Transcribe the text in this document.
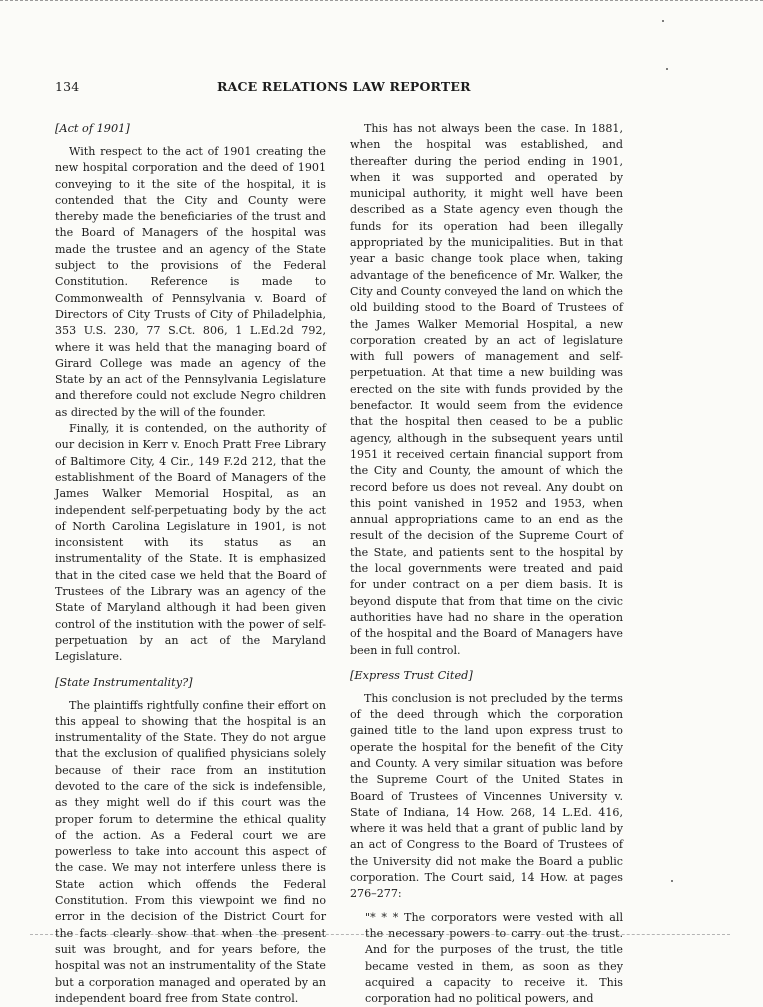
134	RACE RELATIONS LAW REPORTER
[Act of 1901]

With respect to the act of 1901 creating the new hospital corporation and the deed of 1901 conveying to it the site of the hospital, it is contended that the City and County were thereby made the beneficiaries of the trust and the Board of Managers of the hospital was made the trustee and an agency of the State subject to the provisions of the Federal Constitution. Reference is made to Commonwealth of Pennsylvania v. Board of Directors of City Trusts of City of Philadelphia, 353 U.S. 230, 77 S.Ct. 806, 1 L.Ed.2d 792, where it was held that the managing board of Girard College was made an agency of the State by an act of the Pennsylvania Legislature and therefore could not exclude Negro children as directed by the will of the founder.

Finally, it is contended, on the authority of our decision in Kerr v. Enoch Pratt Free Library of Baltimore City, 4 Cir., 149 F.2d 212, that the establishment of the Board of Managers of the James Walker Memorial Hospital, as an independent self-perpetuating body by the act of North Carolina Legislature in 1901, is not inconsistent with its status as an instrumentality of the State. It is emphasized that in the cited case we held that the Board of Trustees of the Library was an agency of the State of Maryland although it had been given control of the institution with the power of self-perpetuation by an act of the Maryland Legislature.

[State Instrumentality?]

The plaintiffs rightfully confine their effort on this appeal to showing that the hospital is an instrumentality of the State. They do not argue that the exclusion of qualified physicians solely because of their race from an institution devoted to the care of the sick is indefensible, as they might well do if this court was the proper forum to determine the ethical quality of the action. As a Federal court we are powerless to take into account this aspect of the case. We may not interfere unless there is State action which offends the Federal Constitution. From this viewpoint we find no error in the decision of the District Court for the facts clearly show that when the present suit was brought, and for years before, the hospital was not an instrumentality of the State but a corporation managed and operated by an independent board free from State control.

This has not always been the case. In 1881, when the hospital was established, and thereafter during the period ending in 1901, when it was supported and operated by municipal authority, it might well have been described as a State agency even though the funds for its operation had been illegally appropriated by the municipalities. But in that year a basic change took place when, taking advantage of the beneficence of Mr. Walker, the City and County conveyed the land on which the old building stood to the Board of Trustees of the James Walker Memorial Hospital, a new corporation created by an act of legislature with full powers of management and self-perpetuation. At that time a new building was erected on the site with funds provided by the benefactor. It would seem from the evidence that the hospital then ceased to be a public agency, although in the subsequent years until 1951 it received certain financial support from the City and County, the amount of which the record before us does not reveal. Any doubt on this point vanished in 1952 and 1953, when annual appropriations came to an end as the result of the decision of the Supreme Court of the State, and patients sent to the hospital by the local governments were treated and paid for under contract on a per diem basis. It is beyond dispute that from that time on the civic authorities have had no share in the operation of the hospital and the Board of Managers have been in full control.

[Express Trust Cited]

This conclusion is not precluded by the terms of the deed through which the corporation gained title to the land upon express trust to operate the hospital for the benefit of the City and County. A very similar situation was before the Supreme Court of the United States in Board of Trustees of Vincennes University v. State of Indiana, 14 How. 268, 14 L.Ed. 416, where it was held that a grant of public land by an act of Congress to the Board of Trustees of the University did not make the Board a public corporation. The Court said, 14 How. at pages 276–277:

"* * * The corporators were vested with all the necessary powers to carry out the trust. And for the purposes of the trust, the title became vested in them, as soon as they acquired a capacity to receive it. This corporation had no political powers, and
